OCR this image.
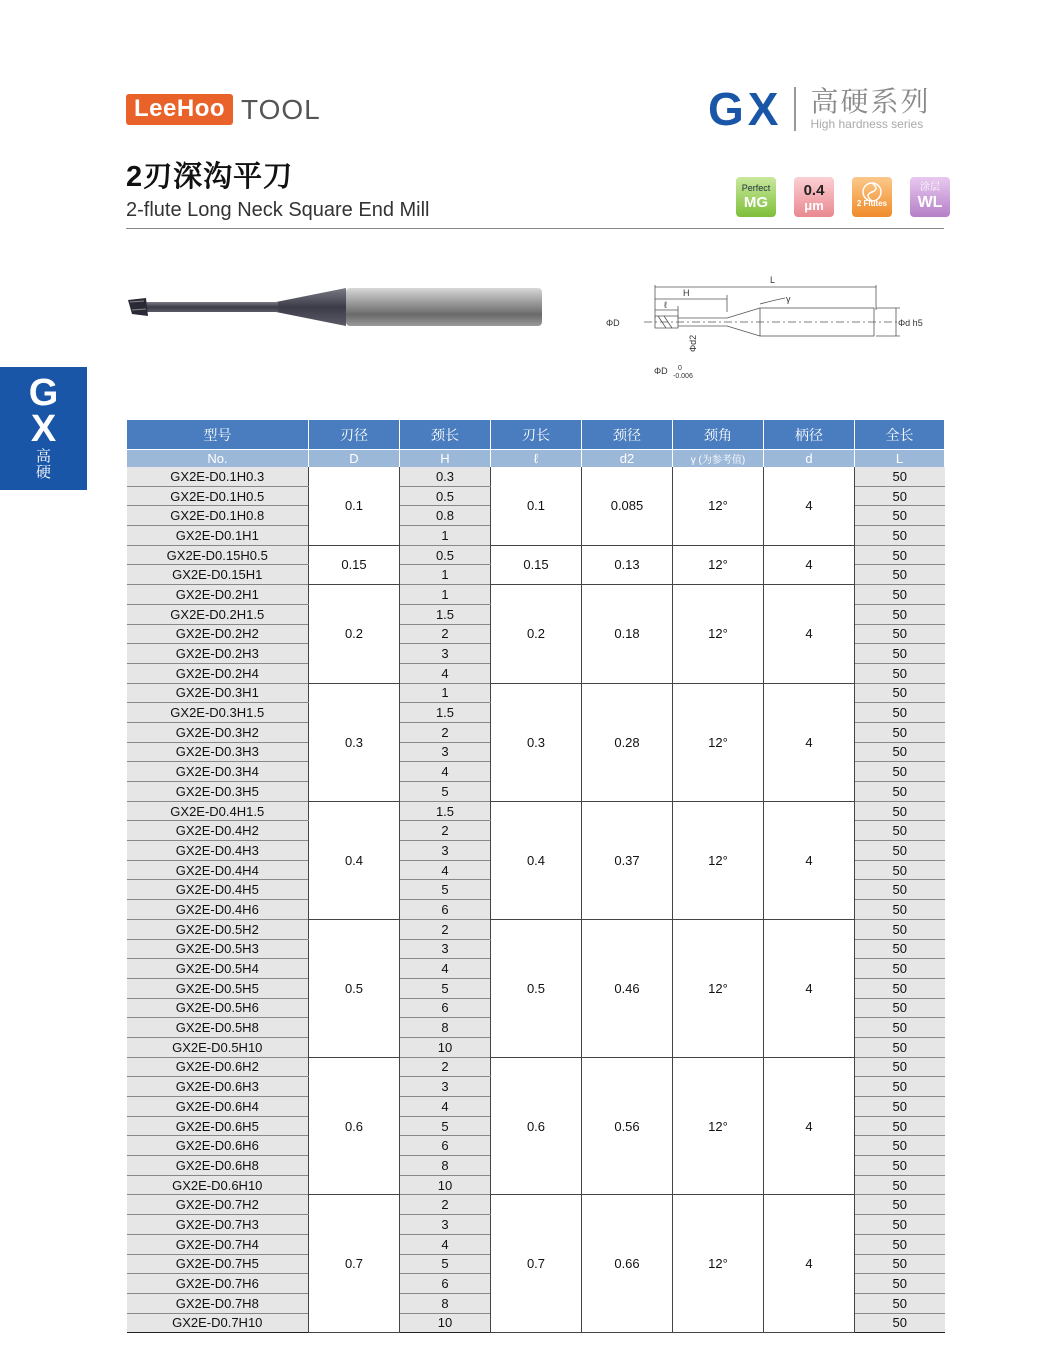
LeeHoo TOOL	GX 高硬系列
High hardness series
2刃深沟平刀
2-flute Long Neck Square End Mill
Perfect
MG
0.4
μm	2 Flutes
涂层
WL
GX
高硬
L
H
ℓ
γ
ΦD	Φd h5
Φd2
ΦD 0
-0.006
型号	刃径	颈长	刃长	颈径	颈角	柄径	全长
No.	D	H	ℓ	d2	γ (为参考值)	d	L
GX2E-D0.1H0.3	0.1	0.3	0.1	0.085	12°	4	50
GX2E-D0.1H0.5		0.5					50
GX2E-D0.1H0.8		0.8					50
GX2E-D0.1H1		1					50
GX2E-D0.15H0.5	0.15	0.5	0.15	0.13	12°	4	50
GX2E-D0.15H1		1					50
GX2E-D0.2H1	0.2	1	0.2	0.18	12°	4	50
GX2E-D0.2H1.5		1.5					50
GX2E-D0.2H2		2					50
GX2E-D0.2H3		3					50
GX2E-D0.2H4		4					50
GX2E-D0.3H1	0.3	1	0.3	0.28	12°	4	50
GX2E-D0.3H1.5		1.5					50
GX2E-D0.3H2		2					50
GX2E-D0.3H3		3					50
GX2E-D0.3H4		4					50
GX2E-D0.3H5		5					50
GX2E-D0.4H1.5	0.4	1.5	0.4	0.37	12°	4	50
GX2E-D0.4H2		2					50
GX2E-D0.4H3		3					50
GX2E-D0.4H4		4					50
GX2E-D0.4H5		5					50
GX2E-D0.4H6		6					50
GX2E-D0.5H2	0.5	2	0.5	0.46	12°	4	50
GX2E-D0.5H3		3					50
GX2E-D0.5H4		4					50
GX2E-D0.5H5		5					50
GX2E-D0.5H6		6					50
GX2E-D0.5H8		8					50
GX2E-D0.5H10		10					50
GX2E-D0.6H2	0.6	2	0.6	0.56	12°	4	50
GX2E-D0.6H3		3					50
GX2E-D0.6H4		4					50
GX2E-D0.6H5		5					50
GX2E-D0.6H6		6					50
GX2E-D0.6H8		8					50
GX2E-D0.6H10		10					50
GX2E-D0.7H2	0.7	2	0.7	0.66	12°	4	50
GX2E-D0.7H3		3					50
GX2E-D0.7H4		4					50
GX2E-D0.7H5		5					50
GX2E-D0.7H6		6					50
GX2E-D0.7H8		8					50
GX2E-D0.7H10		10					50
